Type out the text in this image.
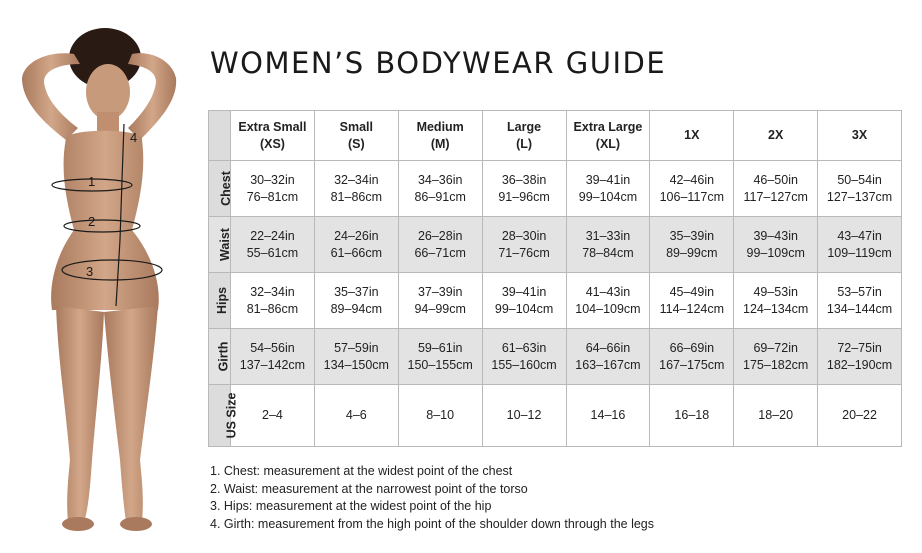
1
2
3
4
WOMEN’S BODYWEAR GUIDE

	Extra Small
(XS)	Small
(S)	Medium
(M)	Large
(L)	Extra Large
(XL)	1X	2X	3X
Chest	30–32in
76–81cm	32–34in
81–86cm	34–36in
86–91cm	36–38in
91–96cm	39–41in
99–104cm	42–46in
106–117cm	46–50in
117–127cm	50–54in
127–137cm

Waist	22–24in
55–61cm	24–26in
61–66cm	26–28in
66–71cm	28–30in
71–76cm	31–33in
78–84cm	35–39in
89–99cm	39–43in
99–109cm	43–47in
109–119cm

Hips	32–34in
81–86cm	35–37in
89–94cm	37–39in
94–99cm	39–41in
99–104cm	41–43in
104–109cm	45–49in
114–124cm	49–53in
124–134cm	53–57in
134–144cm

Girth	54–56in
137–142cm	57–59in
134–150cm	59–61in
150–155cm	61–63in
155–160cm	64–66in
163–167cm	66–69in
167–175cm	69–72in
175–182cm	72–75in
182–190cm

US Size	2–4	4–6	8–10	10–12	14–16	16–18	18–20	20–22
1. Chest: measurement at the widest point of the chest
2. Waist: measurement at the narrowest point of the torso
3. Hips: measurement at the widest point of the hip
4. Girth: measurement from the high point of the shoulder down through the legs
